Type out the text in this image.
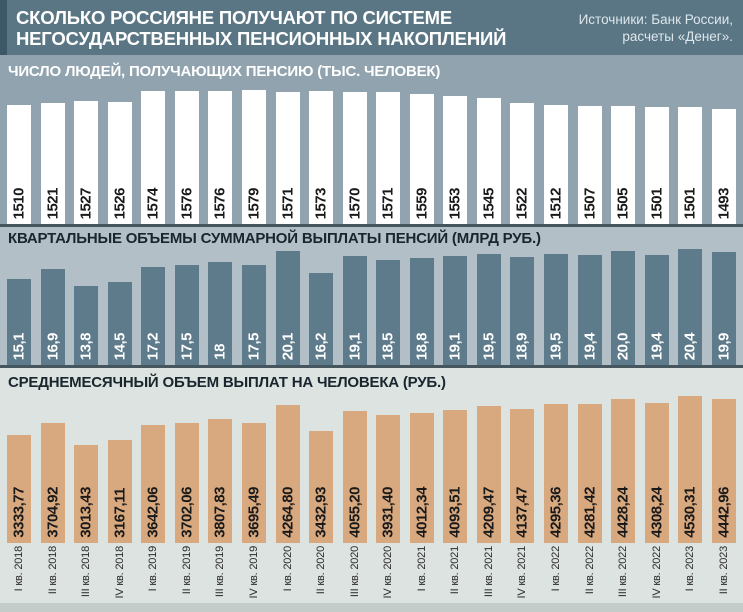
СКОЛЬКО РОССИЯНЕ ПОЛУЧАЮТ ПО СИСТЕМЕ
НЕГОСУДАРСТВЕННЫХ ПЕНСИОННЫХ НАКОПЛЕНИЙ
Источники: Банк России,
расчеты «Денег».
ЧИСЛО ЛЮДЕЙ, ПОЛУЧАЮЩИХ ПЕНСИЮ (ТЫС. ЧЕЛОВЕК)
1510 1521 1527 1526 1574 1576 1576 1579 1571 1573 1570 1571 1559 1553 1545 1522 1512 1507 1505 1501 1501 1493
КВАРТАЛЬНЫЕ ОБЪЕМЫ СУММАРНОЙ ВЫПЛАТЫ ПЕНСИЙ (МЛРД РУБ.)
15,1 16,9 13,8 14,5 17,2 17,5 18 17,5 20,1 16,2 19,1 18,5 18,8 19,1 19,5 18,9 19,5 19,4 20,0 19,4 20,4 19,9
СРЕДНЕМЕСЯЧНЫЙ ОБЪЕМ ВЫПЛАТ НА ЧЕЛОВЕКА (РУБ.)
3333,77 3704,92 3013,43 3167,11 3642,06 3702,06 3807,83 3695,49 4264,80 3432,93 4055,20 3931,40 4012,34 4093,51 4209,47 4137,47 4295,36 4281,42 4428,24 4308,24 4530,31 4442,96
I кв. 2018 II кв. 2018 III кв. 2018 IV кв. 2018 I кв. 2019 II кв. 2019 III кв. 2019 IV кв. 2019 I кв. 2020 II кв. 2020 III кв. 2020 IV кв. 2020 I кв. 2021 II кв. 2021 III кв. 2021 IV кв. 2021 I кв. 2022 II кв. 2022 III кв. 2022 IV кв. 2022 I кв. 2023 II кв. 2023
